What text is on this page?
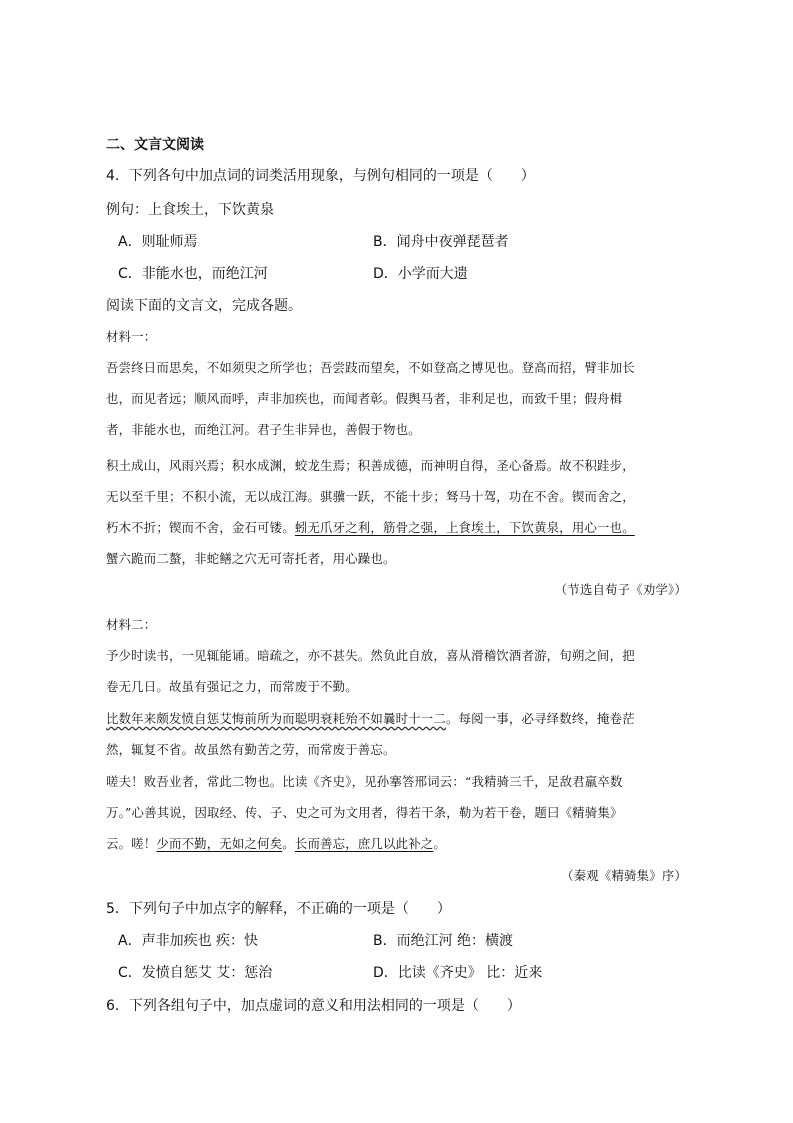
二、文言文阅读
4．下列各句中加点词的词类活用现象，与例句相同的一项是（　　）
例句：上食埃土，下饮黄泉
A．则耻师焉	B．闻舟中夜弹琵琶者
C．非能水也，而绝江河	D．小学而大遗
阅读下面的文言文，完成各题。
材料一：
吾尝终日而思矣，不如须臾之所学也；吾尝跂而望矣，不如登高之博见也。登高而招，臂非加长
也，而见者远；顺风而呼，声非加疾也，而闻者彰。假舆马者，非利足也，而致千里；假舟楫
者，非能水也，而绝江河。君子生非异也，善假于物也。
积土成山，风雨兴焉；积水成渊，蛟龙生焉；积善成德，而神明自得，圣心备焉。故不积跬步，
无以至千里；不积小流，无以成江海。骐骥一跃，不能十步；驽马十驾，功在不舍。锲而舍之，
朽木不折；锲而不舍，金石可镂。蚓无爪牙之利，筋骨之强，上食埃土，下饮黄泉，用心一也。
蟹六跪而二螯，非蛇鳝之穴无可寄托者，用心躁也。
（节选自荀子《劝学》）
材料二：
予少时读书，一见辄能诵。暗疏之，亦不甚失。然负此自放，喜从滑稽饮酒者游，旬朔之间，把
卷无几日。故虽有强记之力，而常废于不勤。
比数年来颇发愤自惩艾悔前所为而聪明衰耗殆不如曩时十一二。每阅一事，必寻绎数终，掩卷茫
然，辄复不省。故虽然有勤苦之劳，而常废于善忘。
嗟夫！败吾业者，常此二物也。比读《齐史》，见孙搴答邢词云：“我精骑三千，足敌君羸卒数
万。”心善其说，因取经、传、子、史之可为文用者，得若干条，勒为若干卷，题曰《精骑集》
云。嗟！少而不勤，无如之何矣。长而善忘，庶几以此补之。
（秦观《精骑集》序）
5．下列句子中加点字的解释，不正确的一项是（　　）
A．声非加疾也 疾：快	B．而绝江河 绝：横渡
C．发愤自惩艾 艾：惩治	D．比读《齐史》 比：近来
6．下列各组句子中，加点虚词的意义和用法相同的一项是（　　）
